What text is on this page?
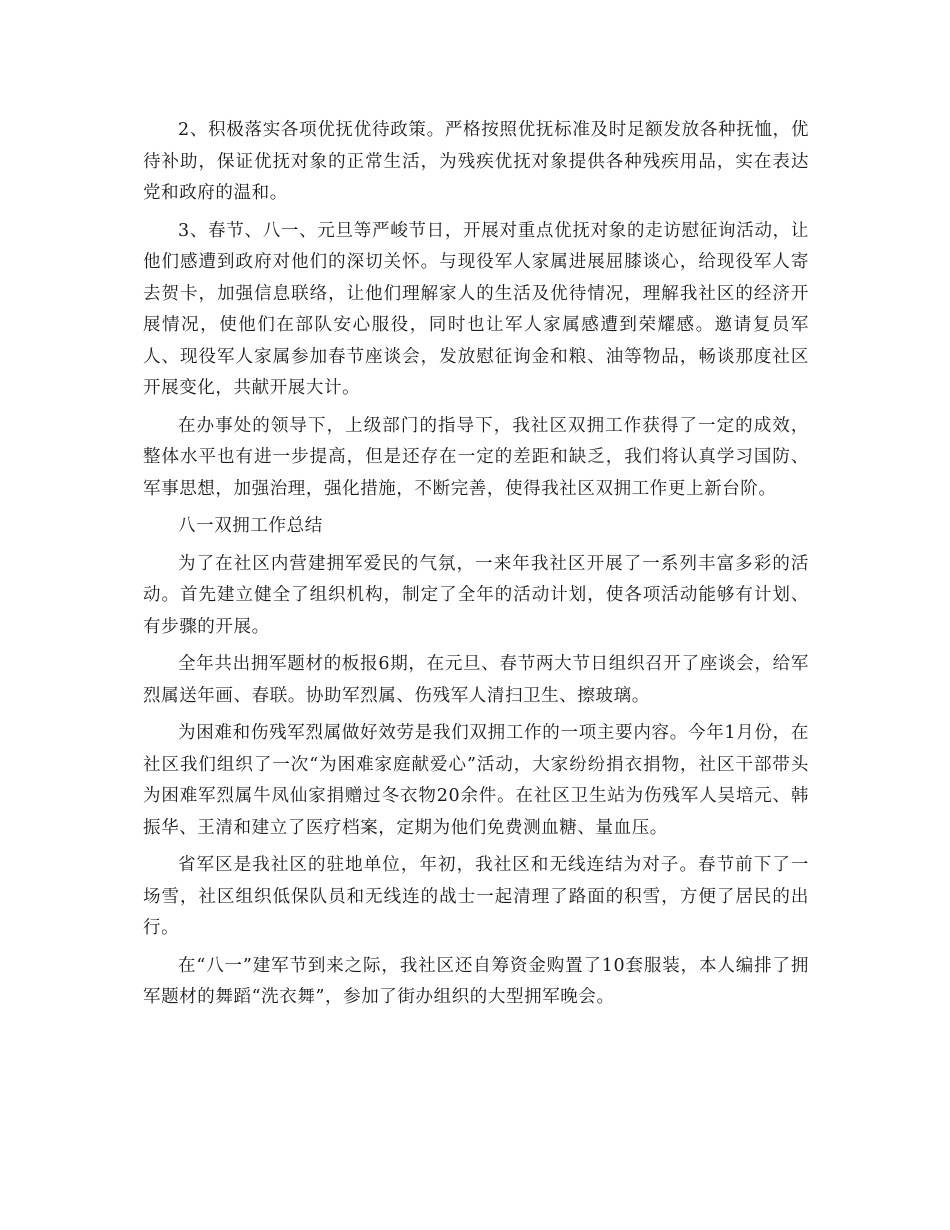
2、积极落实各项优抚优待政策。严格按照优抚标准及时足额发放各种抚恤，优待补助，保证优抚对象的正常生活，为残疾优抚对象提供各种残疾用品，实在表达党和政府的温和。

3、春节、八一、元旦等严峻节日，开展对重点优抚对象的走访慰征询活动，让他们感遭到政府对他们的深切关怀。与现役军人家属进展屈膝谈心，给现役军人寄去贺卡，加强信息联络，让他们理解家人的生活及优待情况，理解我社区的经济开展情况，使他们在部队安心服役，同时也让军人家属感遭到荣耀感。邀请复员军人、现役军人家属参加春节座谈会，发放慰征询金和粮、油等物品，畅谈那度社区开展变化，共献开展大计。

在办事处的领导下，上级部门的指导下，我社区双拥工作获得了一定的成效，整体水平也有进一步提高，但是还存在一定的差距和缺乏，我们将认真学习国防、军事思想，加强治理，强化措施，不断完善，使得我社区双拥工作更上新台阶。

八一双拥工作总结

为了在社区内营建拥军爱民的气氛，一来年我社区开展了一系列丰富多彩的活动。首先建立健全了组织机构，制定了全年的活动计划，使各项活动能够有计划、有步骤的开展。

全年共出拥军题材的板报6期，在元旦、春节两大节日组织召开了座谈会，给军烈属送年画、春联。协助军烈属、伤残军人清扫卫生、擦玻璃。

为困难和伤残军烈属做好效劳是我们双拥工作的一项主要内容。今年1月份，在社区我们组织了一次“为困难家庭献爱心”活动，大家纷纷捐衣捐物，社区干部带头为困难军烈属牛凤仙家捐赠过冬衣物20余件。在社区卫生站为伤残军人吴培元、韩振华、王清和建立了医疗档案，定期为他们免费测血糖、量血压。

省军区是我社区的驻地单位，年初，我社区和无线连结为对子。春节前下了一场雪，社区组织低保队员和无线连的战士一起清理了路面的积雪，方便了居民的出行。

在“八一”建军节到来之际，我社区还自筹资金购置了10套服装，本人编排了拥军题材的舞蹈“洗衣舞”，参加了街办组织的大型拥军晚会。
